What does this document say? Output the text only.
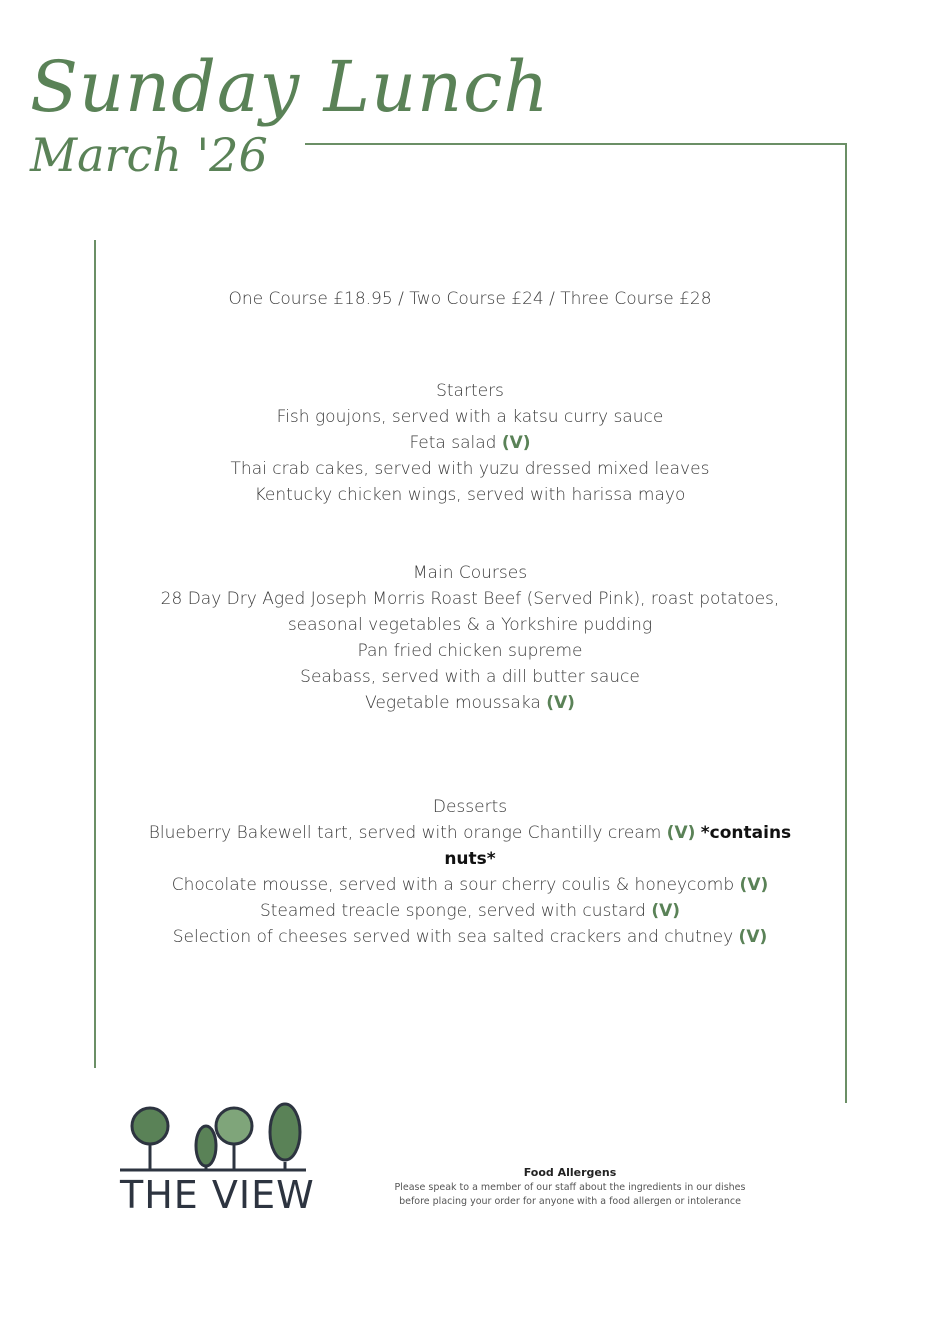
Sunday Lunch
March '26

One Course £18.95 / Two Course £24 / Three Course £28

Starters

Fish goujons, served with a katsu curry sauce

Feta salad (V)

Thai crab cakes, served with yuzu dressed mixed leaves

Kentucky chicken wings, served with harissa mayo

Main Courses

28 Day Dry Aged Joseph Morris Roast Beef (Served Pink), roast potatoes,

seasonal vegetables & a Yorkshire pudding

Pan fried chicken supreme

Seabass, served with a dill butter sauce

Vegetable moussaka (V)

Desserts

Blueberry Bakewell tart, served with orange Chantilly cream (V) *contains

nuts*

Chocolate mousse, served with a sour cherry coulis & honeycomb (V)

Steamed treacle sponge, served with custard (V)

Selection of cheeses served with sea salted crackers and chutney (V)

THE VIEW
Food Allergens
Please speak to a member of our staff about the ingredients in our dishes
before placing your order for anyone with a food allergen or intolerance
